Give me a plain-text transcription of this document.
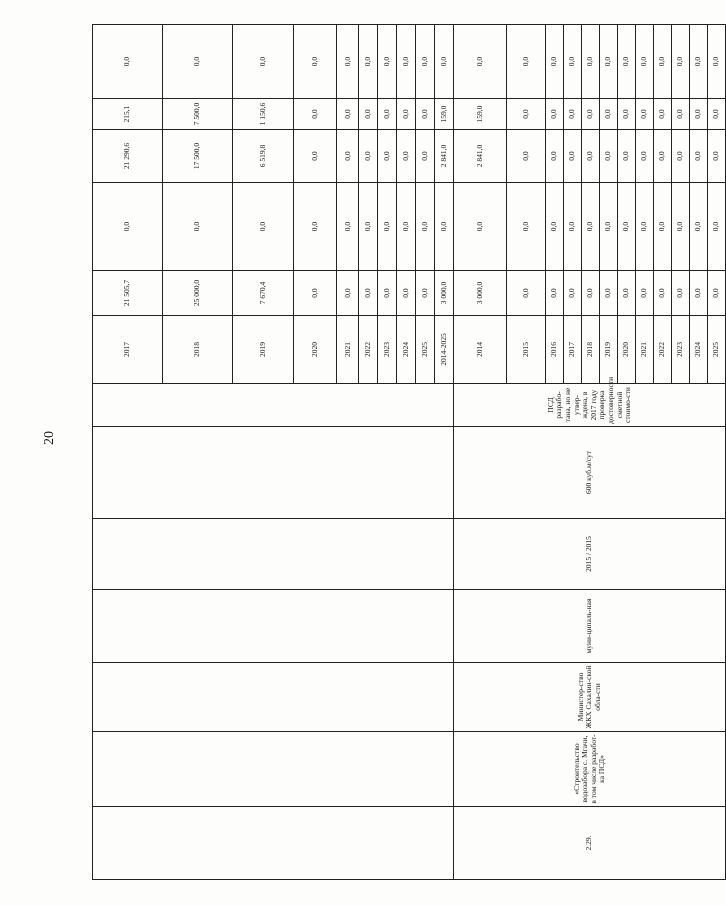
20
							2017	21 505,7	0,0	21 290,6	215,1	0,0	
							2018	25 000,0	0,0	17 500,0	7 500,0	0,0	
							2019	7 670,4	0,0	6 519,8	1 150,6	0,0	
							2020	0,0	0,0	0,0	0,0	0,0	
							2021	0,0	0,0	0,0	0,0	0,0	
							2022	0,0	0,0	0,0	0,0	0,0	
							2023	0,0	0,0	0,0	0,0	0,0	
							2024	0,0	0,0	0,0	0,0	0,0	
							2025	0,0	0,0	0,0	0,0	0,0	
							2014-2025	3 000,0	0,0	2 841,0	159,0	0,0	
2.29.	«Строительство водозабора с. Мгачи, в том числе разработ-ка ПСД»	Министер-ство ЖКХ Сахалин-ской обла-сти	муни-ципаль-ная	2015 / 2015	600 куб.м/сут	ПСД разрабо-тана, но не утвер-ждена, в 2017 году проверка достоверности сметной стоимо-сти	2014	3 000,0	0,0	2 841,0	159,0	0,0	
							2015	0,0	0,0	0,0	0,0	0,0	
							2016	0,0	0,0	0,0	0,0	0,0	
							2017	0,0	0,0	0,0	0,0	0,0	
							2018	0,0	0,0	0,0	0,0	0,0	
							2019	0,0	0,0	0,0	0,0	0,0	
							2020	0,0	0,0	0,0	0,0	0,0	
							2021	0,0	0,0	0,0	0,0	0,0	
							2022	0,0	0,0	0,0	0,0	0,0	
							2023	0,0	0,0	0,0	0,0	0,0	
							2024	0,0	0,0	0,0	0,0	0,0	
							2025	0,0	0,0	0,0	0,0	0,0	
